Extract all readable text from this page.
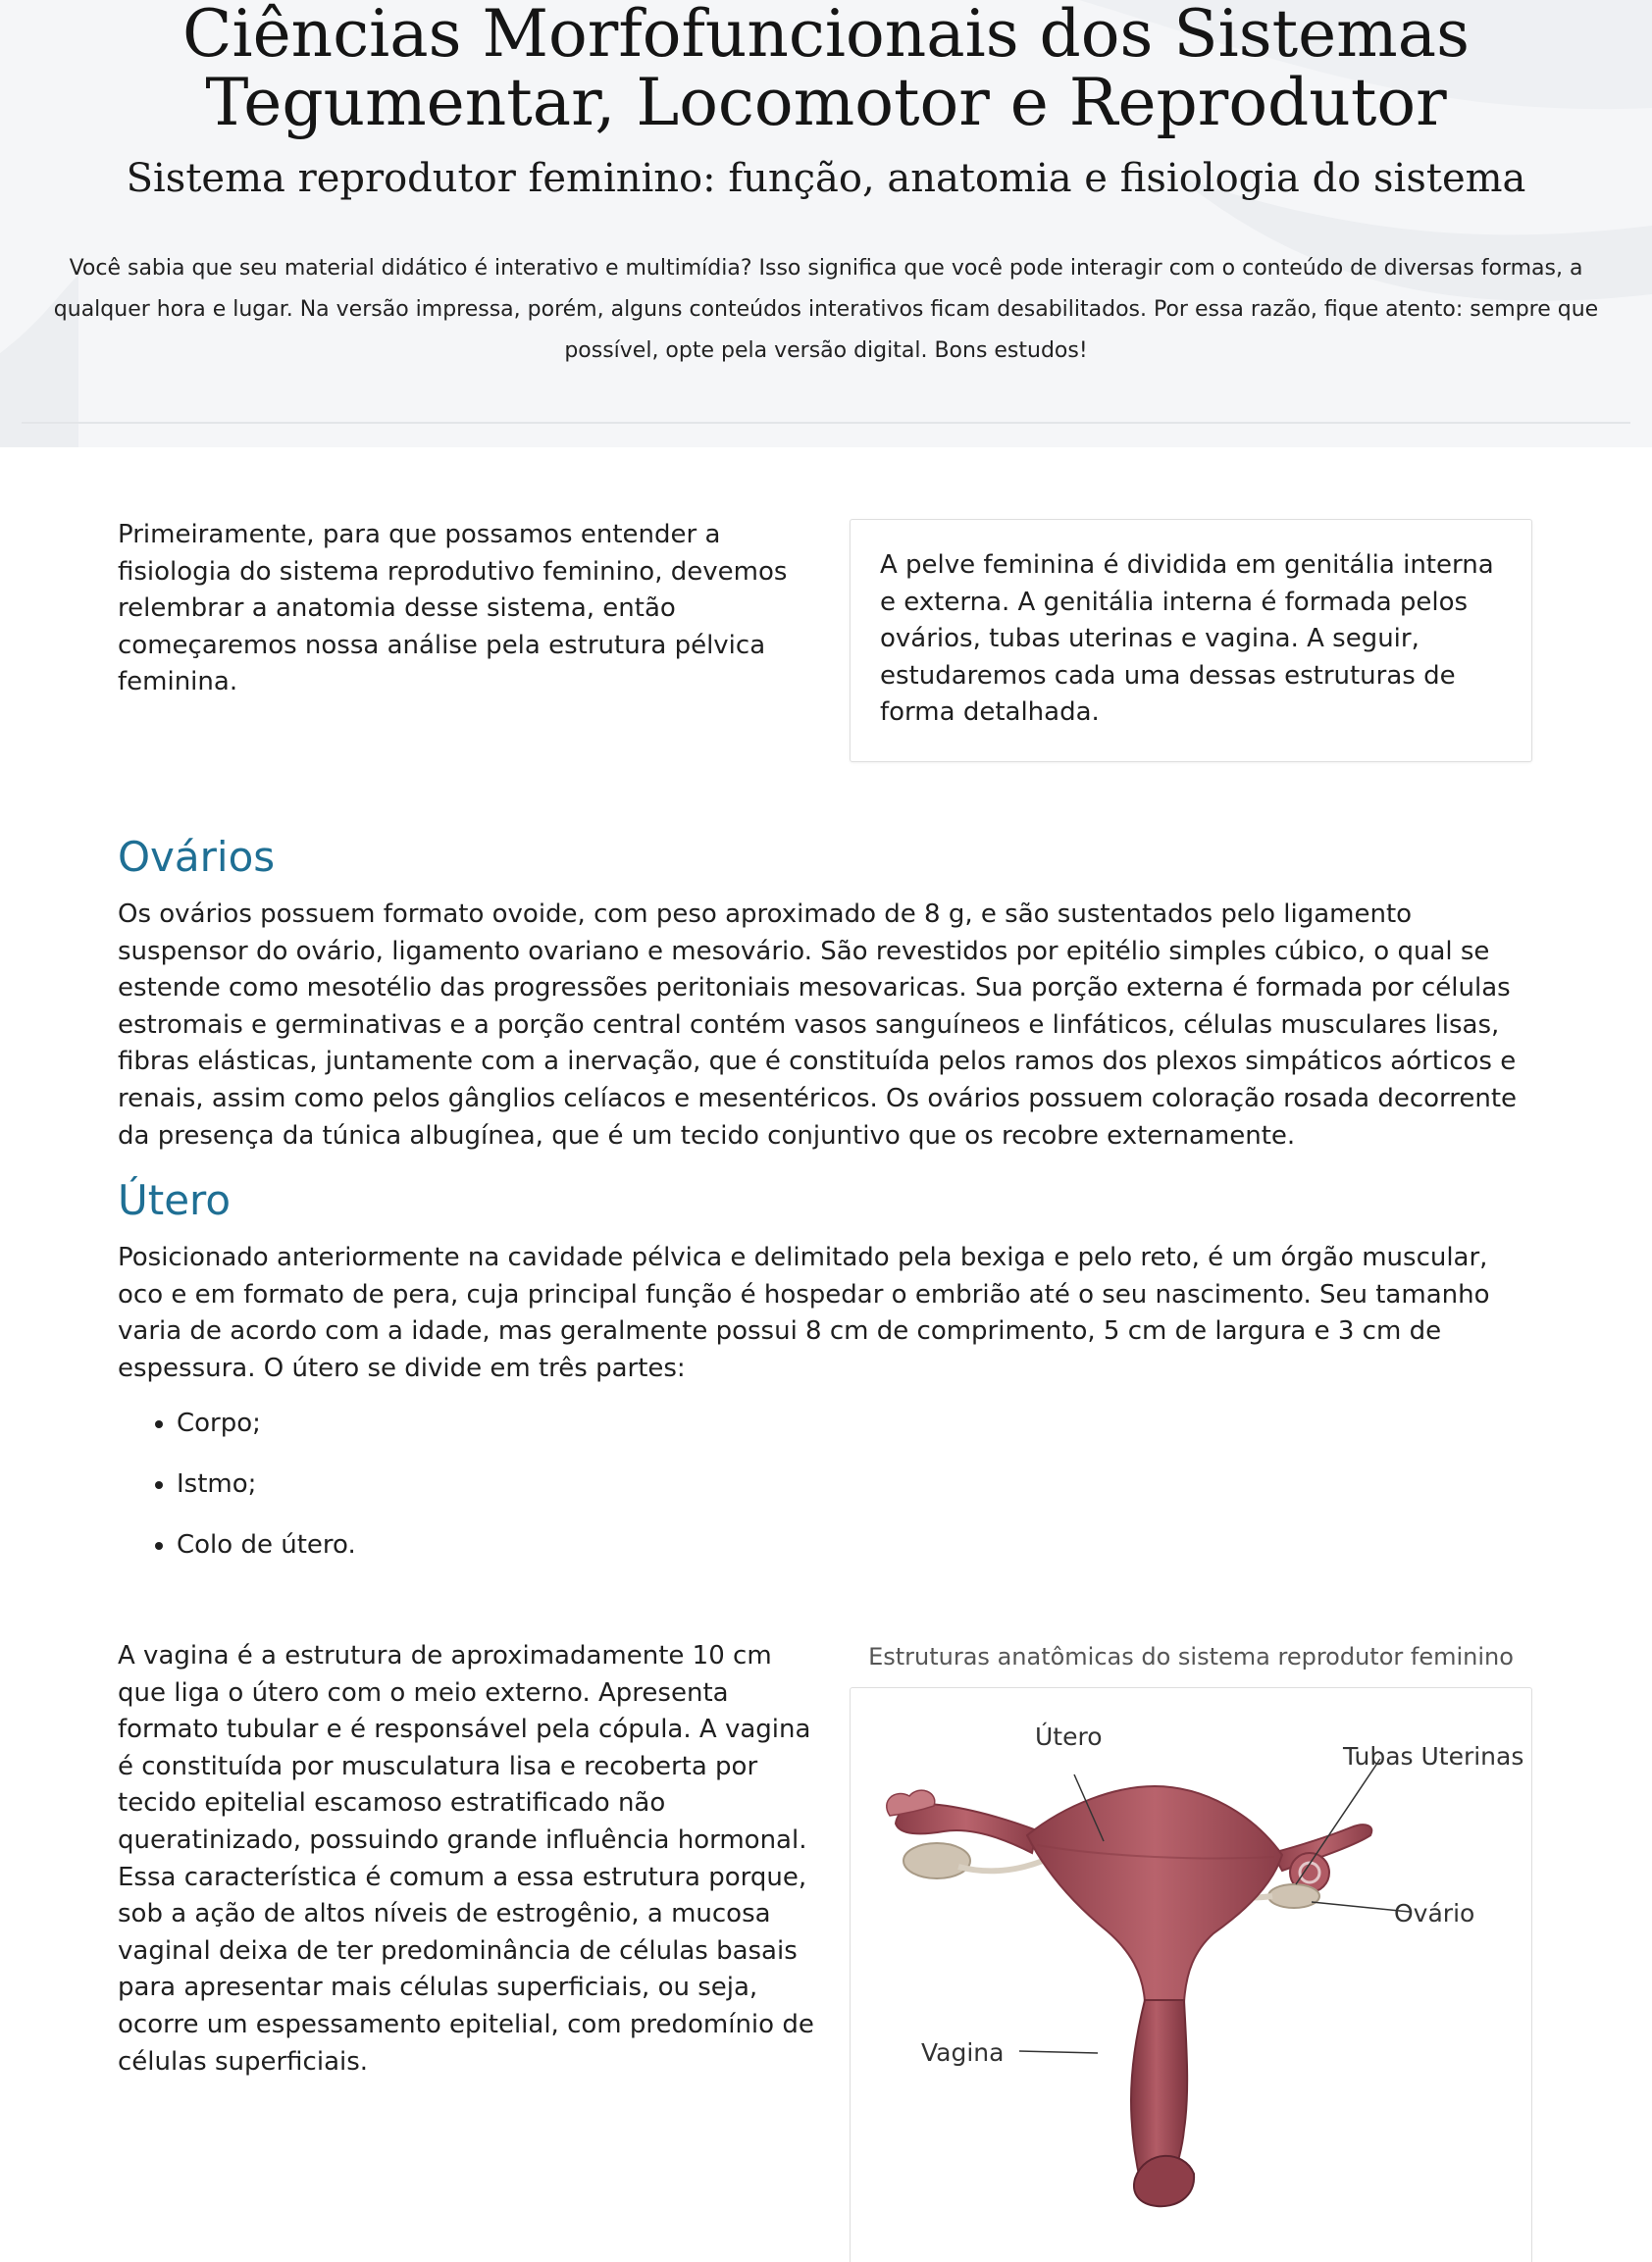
Ciências Morfofuncionais dos Sistemas
Tegumentar, Locomotor e Reprodutor
Sistema reprodutor feminino: função, anatomia e fisiologia do sistema

Você sabia que seu material didático é interativo e multimídia? Isso significa que você pode interagir com o conteúdo de diversas formas, a
qualquer hora e lugar. Na versão impressa, porém, alguns conteúdos interativos ficam desabilitados. Por essa razão, fique atento: sempre que
possível, opte pela versão digital. Bons estudos!

Primeiramente, para que possamos entender a fisiologia do sistema reprodutivo feminino, devemos relembrar a anatomia desse sistema, então começaremos nossa análise pela estrutura pélvica feminina.

A pelve feminina é dividida em genitália interna e externa. A genitália interna é formada pelos ovários, tubas uterinas e vagina. A seguir, estudaremos cada uma dessas estruturas de forma detalhada.

Ovários

Os ovários possuem formato ovoide, com peso aproximado de 8 g, e são sustentados pelo ligamento suspensor do ovário, ligamento ovariano e mesovário. São revestidos por epitélio simples cúbico, o qual se estende como mesotélio das progressões peritoniais mesovaricas. Sua porção externa é formada por células estromais e germinativas e a porção central contém vasos sanguíneos e linfáticos, células musculares lisas, fibras elásticas, juntamente com a inervação, que é constituída pelos ramos dos plexos simpáticos aórticos e renais, assim como pelos gânglios celíacos e mesentéricos. Os ovários possuem coloração rosada decorrente da presença da túnica albugínea, que é um tecido conjuntivo que os recobre externamente.

Útero

Posicionado anteriormente na cavidade pélvica e delimitado pela bexiga e pelo reto, é um órgão muscular, oco e em formato de pera, cuja principal função é hospedar o embrião até o seu nascimento. Seu tamanho varia de acordo com a idade, mas geralmente possui 8 cm de comprimento, 5 cm de largura e 3 cm de espessura. O útero se divide em três partes:

• Corpo;
• Istmo;
• Colo de útero.

A vagina é a estrutura de aproximadamente 10 cm que liga o útero com o meio externo. Apresenta formato tubular e é responsável pela cópula. A vagina é constituída por musculatura lisa e recoberta por tecido epitelial escamoso estratificado não queratinizado, possuindo grande influência hormonal. Essa característica é comum a essa estrutura porque, sob a ação de altos níveis de estrogênio, a mucosa vaginal deixa de ter predominância de células basais para apresentar mais células superficiais, ou seja, ocorre um espessamento epitelial, com predomínio de células superficiais.

Estruturas anatômicas do sistema reprodutor feminino

Útero
Tubas Uterinas
Ovário
Vagina
